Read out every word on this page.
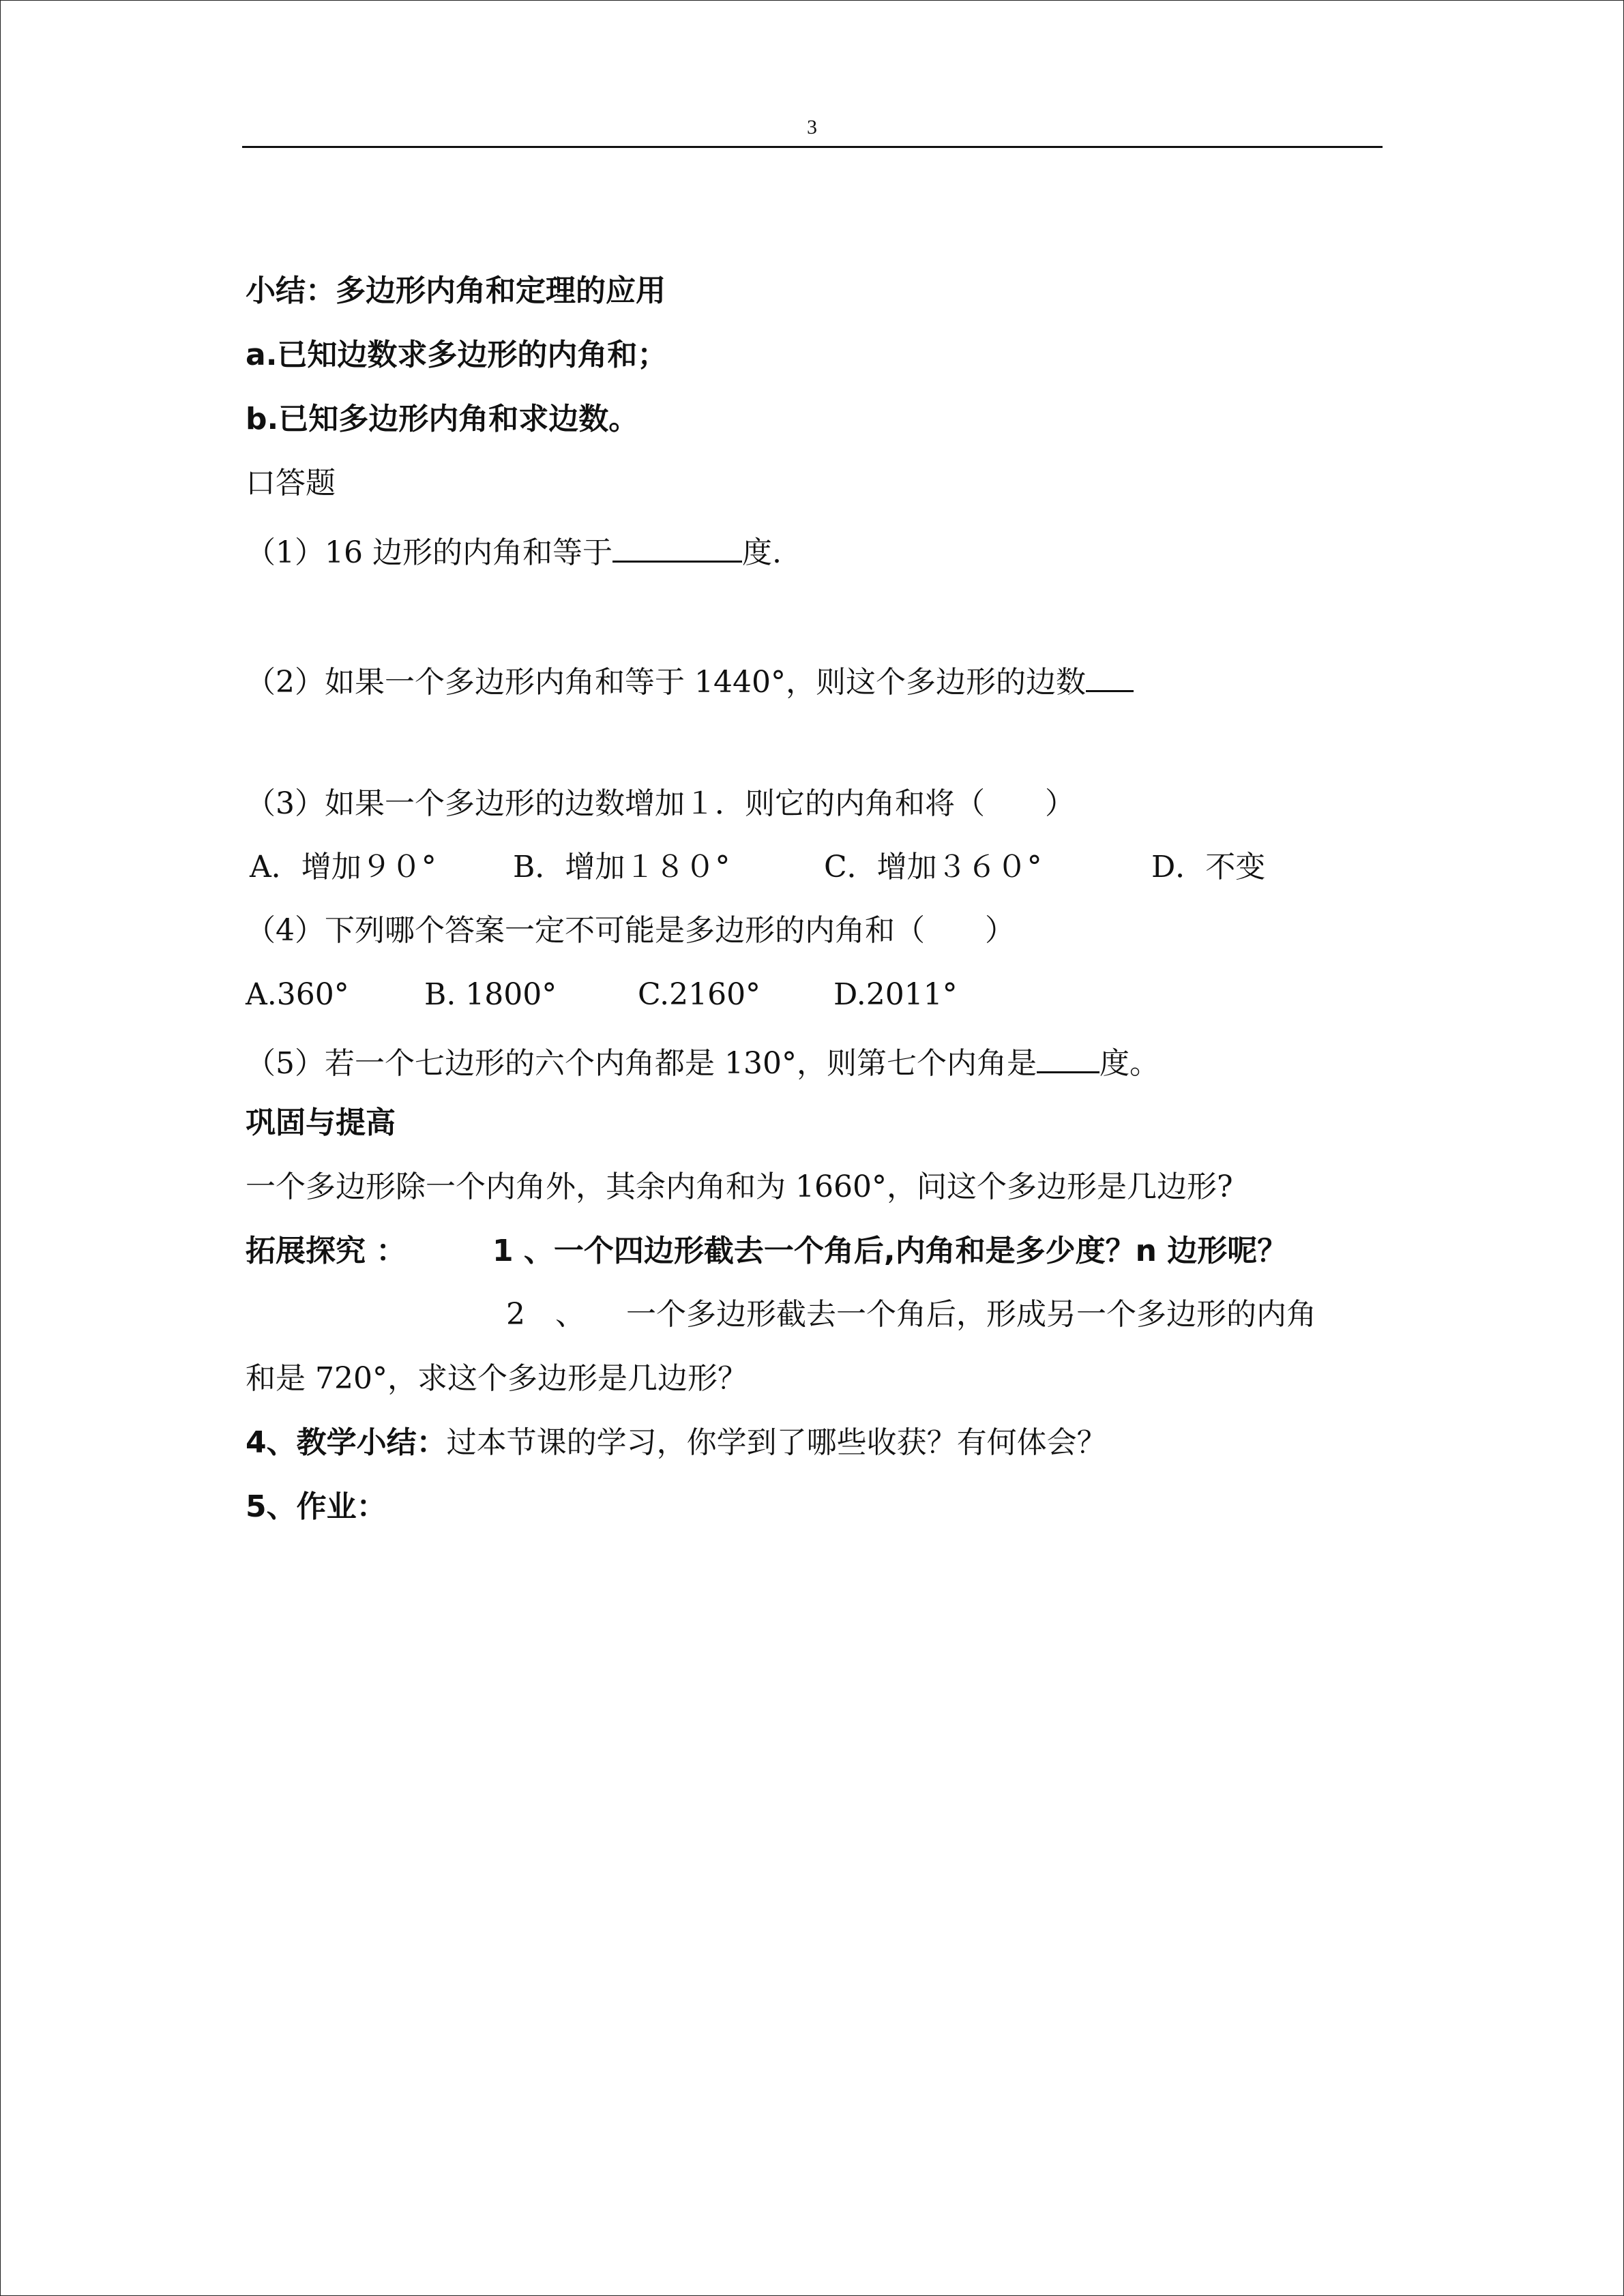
3
小结：多边形内角和定理的应用
a.已知边数求多边形的内角和；
b.已知多边形内角和求边数。
口答题
（1）16 边形的内角和等于	度.
（2）如果一个多边形内角和等于 1440°，则这个多边形的边数
（3）如果一个多边形的边数增加１．则它的内角和将（　　）
A．增加９０°	B．增加１８０°	C．增加３６０°	D．不变
（4）下列哪个答案一定不可能是多边形的内角和（　　）
A.360°	B. 1800°	C.2160° D.2011°
（5）若一个七边形的六个内角都是 130°，则第七个内角是 度。
巩固与提高
一个多边形除一个内角外，其余内角和为 1660°，问这个多边形是几边形?
拓展探究 ：	1 、一个四边形截去一个角后,内角和是多少度？n 边形呢？
2　、 一个多边形截去一个角后，形成另一个多边形的内角
和是 720°，求这个多边形是几边形？
4、教学小结：过本节课的学习，你学到了哪些收获？有何体会？
5、作业：
